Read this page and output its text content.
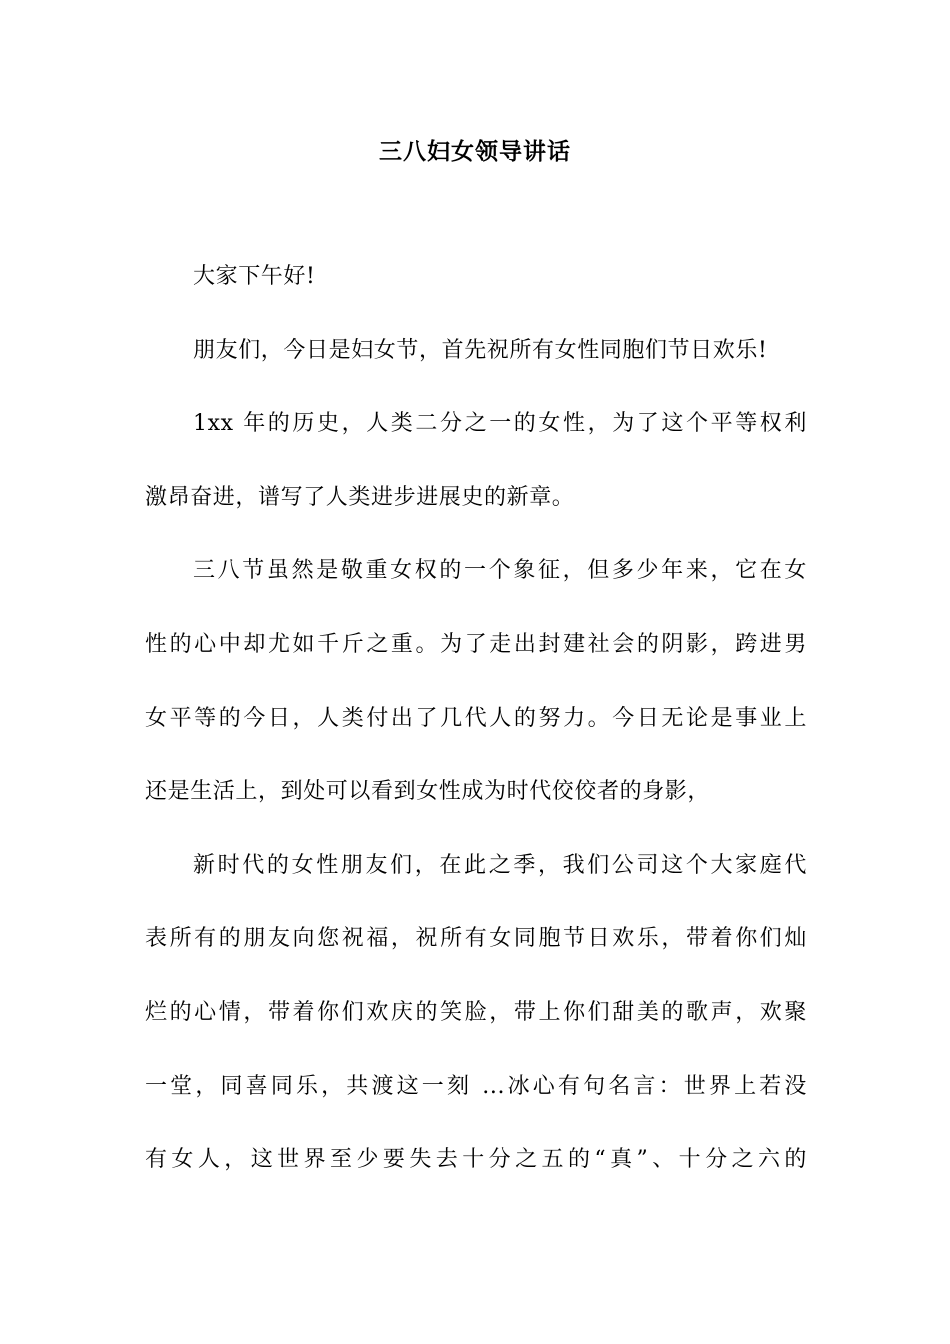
三八妇女领导讲话
大家下午好!
朋友们，今日是妇女节，首先祝所有女性同胞们节日欢乐!
1xx 年的历史，人类二分之一的女性，为了这个平等权利
激昂奋进，谱写了人类进步进展史的新章。
三八节虽然是敬重女权的一个象征，但多少年来，它在女
性的心中却尤如千斤之重。为了走出封建社会的阴影，跨进男
女平等的今日，人类付出了几代人的努力。今日无论是事业上
还是生活上，到处可以看到女性成为时代佼佼者的身影，
新时代的女性朋友们，在此之季，我们公司这个大家庭代
表所有的朋友向您祝福，祝所有女同胞节日欢乐，带着你们灿
烂的心情，带着你们欢庆的笑脸，带上你们甜美的歌声，欢聚
一堂，同喜同乐，共渡这一刻 ...冰心有句名言：世界上若没
有女人，这世界至少要失去十分之五的“真”、十分之六的
